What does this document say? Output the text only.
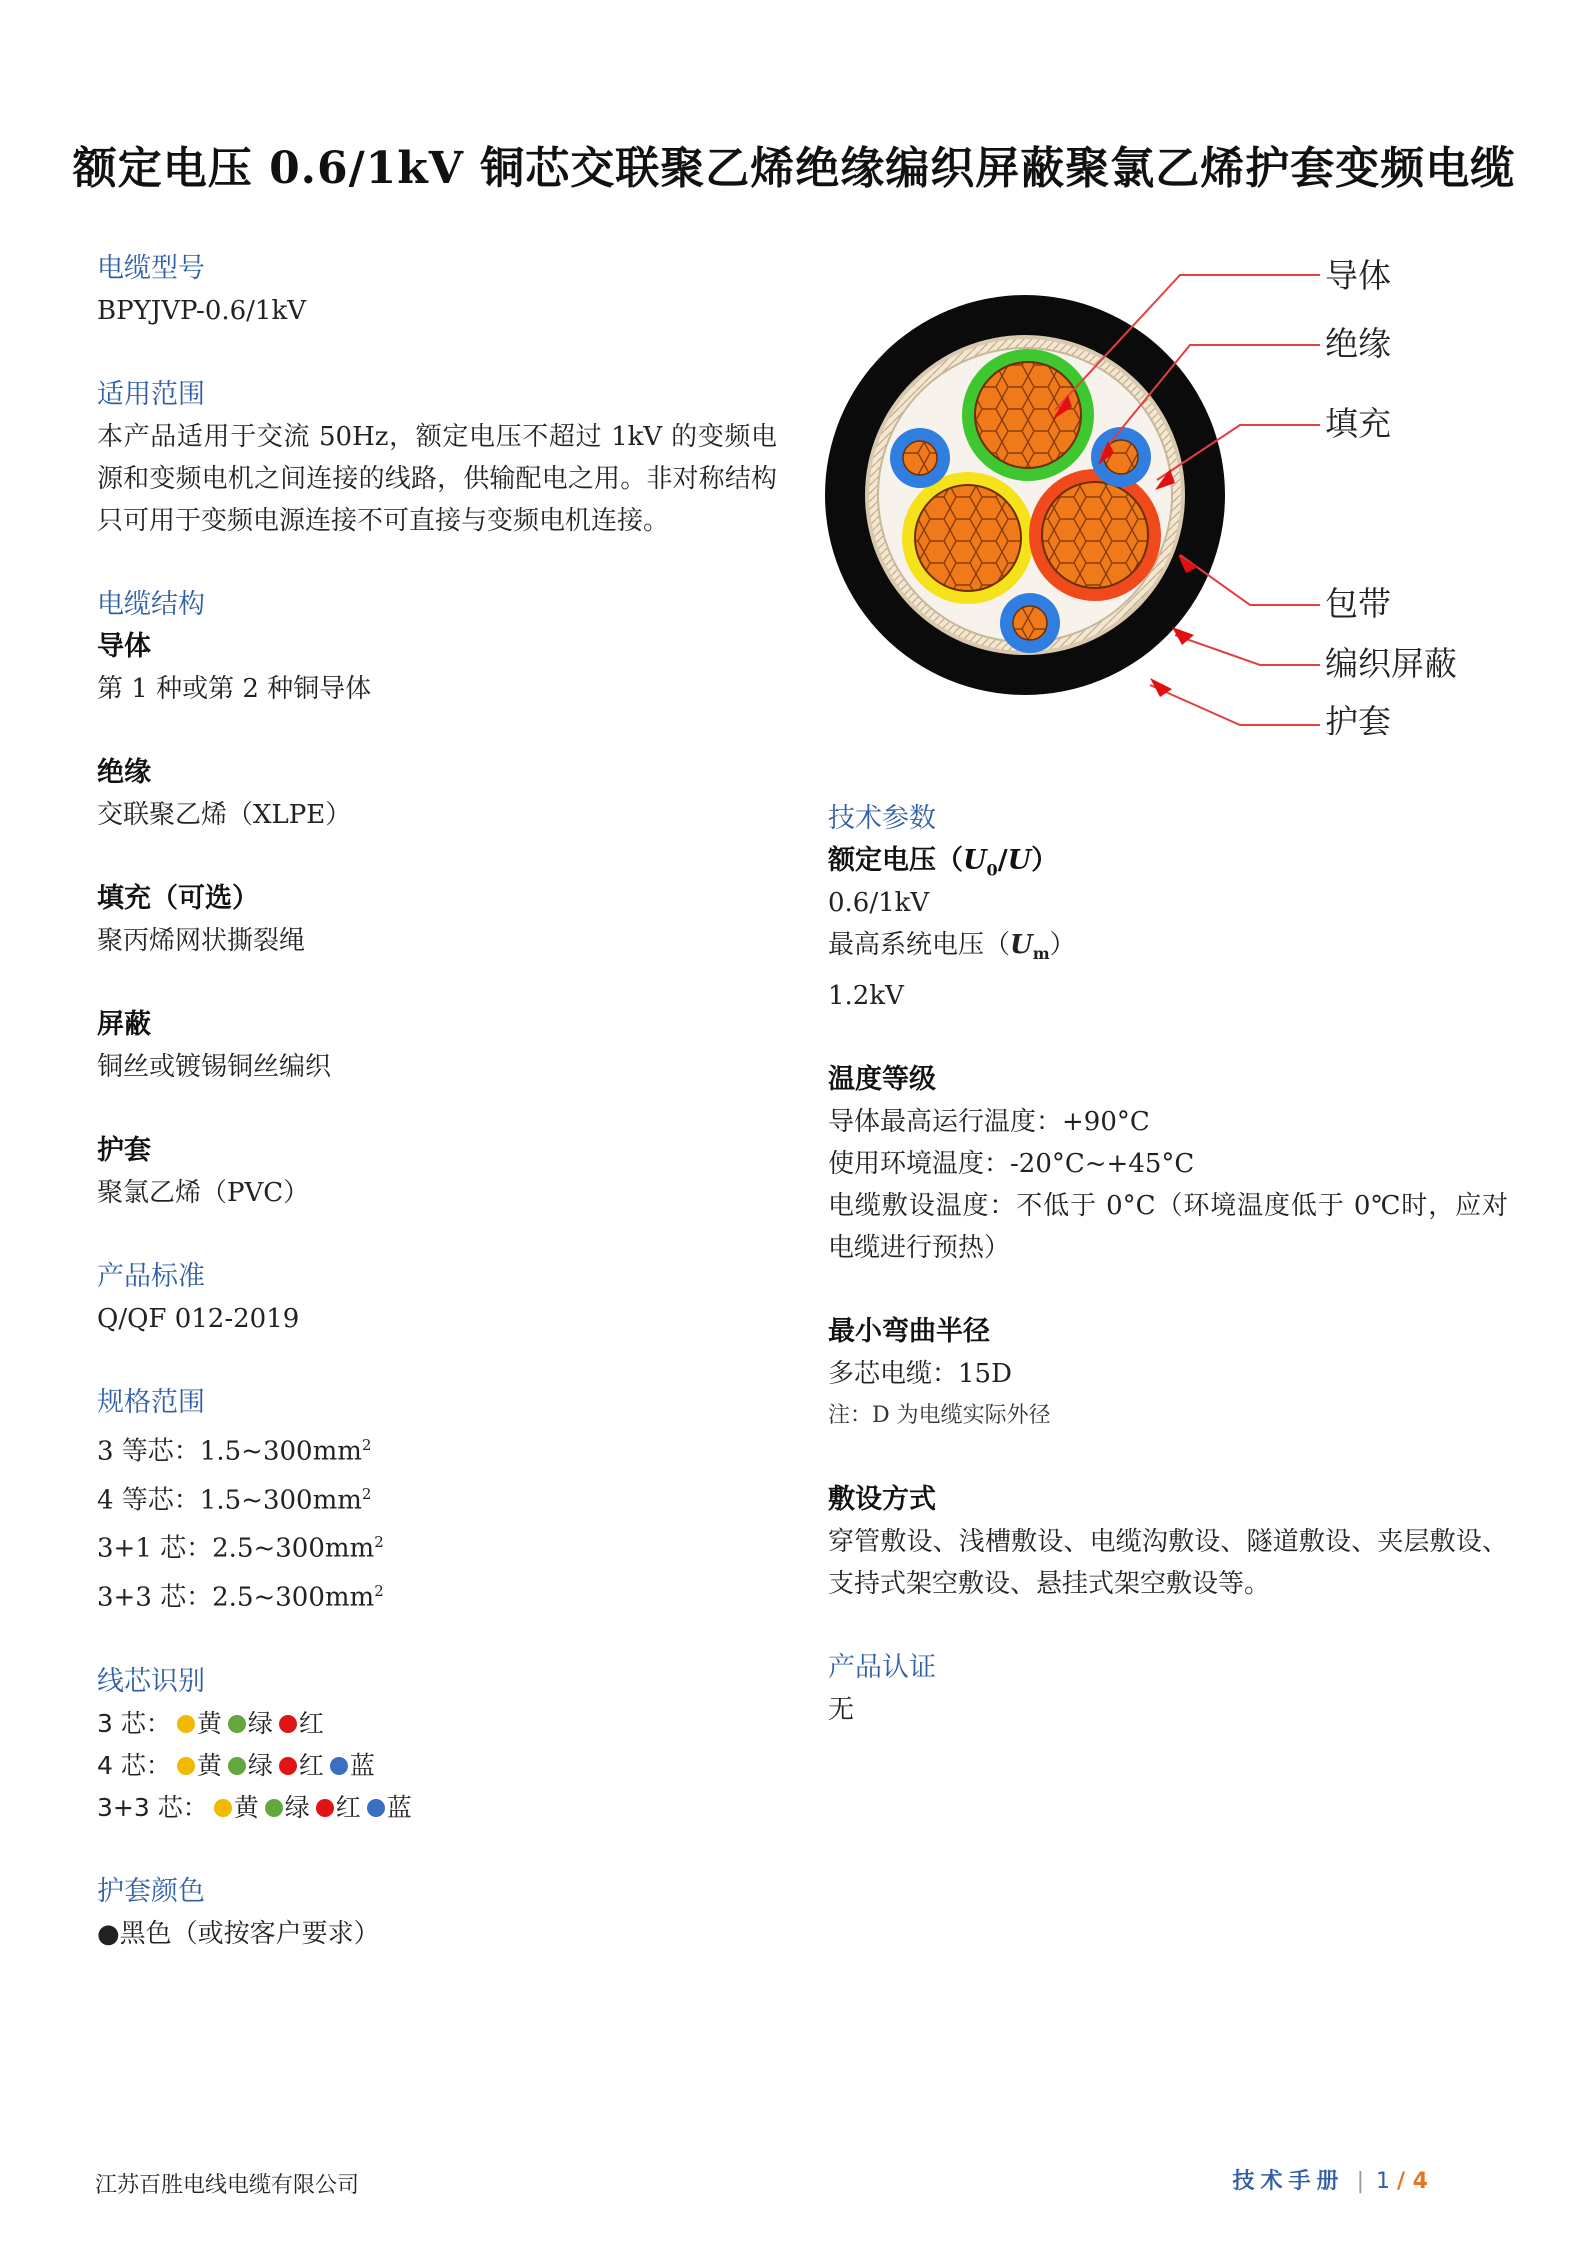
额定电压 0.6/1kV 铜芯交联聚乙烯绝缘编织屏蔽聚氯乙烯护套变频电缆
电缆型号
BPYJVP-0.6/1kV
适用范围
本产品适用于交流 50Hz，额定电压不超过 1kV 的变频电源和变频电机之间连接的线路，供输配电之用。非对称结构只可用于变频电源连接不可直接与变频电机连接。
电缆结构
导体
第 1 种或第 2 种铜导体
绝缘
交联聚乙烯（XLPE）
填充（可选）
聚丙烯网状撕裂绳
屏蔽
铜丝或镀锡铜丝编织
护套
聚氯乙烯（PVC）
产品标准
Q/QF 012-2019
规格范围
3 等芯：$1.5\sim 300mm^2$
4 等芯：$1.5\sim 300mm^2$
3+1 芯：$2.5\sim 300mm^2$
3+3 芯：$2.5\sim 300mm^2$
线芯识别
3 芯： 黄 绿 红
4 芯： 黄 绿 红 蓝
3+3 芯： 黄 绿 红 蓝
护套颜色
●黑色（或按客户要求）
技术参数
额定电压$(U_0/U)$
0.6/1kV
最高系统电压$(U_m)$
1.2kV
温度等级
导体最高运行温度：+90°C
使用环境温度：-20°C~+45°C
电缆敷设温度：不低于 0°C（环境温度低于 0℃时，应对电缆进行预热）
最小弯曲半径
多芯电缆：15D
注：D 为电缆实际外径
敷设方式
穿管敷设、浅槽敷设、电缆沟敷设、隧道敷设、夹层敷设、支持式架空敷设、悬挂式架空敷设等。
产品认证
无
导体
绝缘
填充
包带
编织屏蔽
护套
江苏百胜电线电缆有限公司	技术手册 | 1 / 4
